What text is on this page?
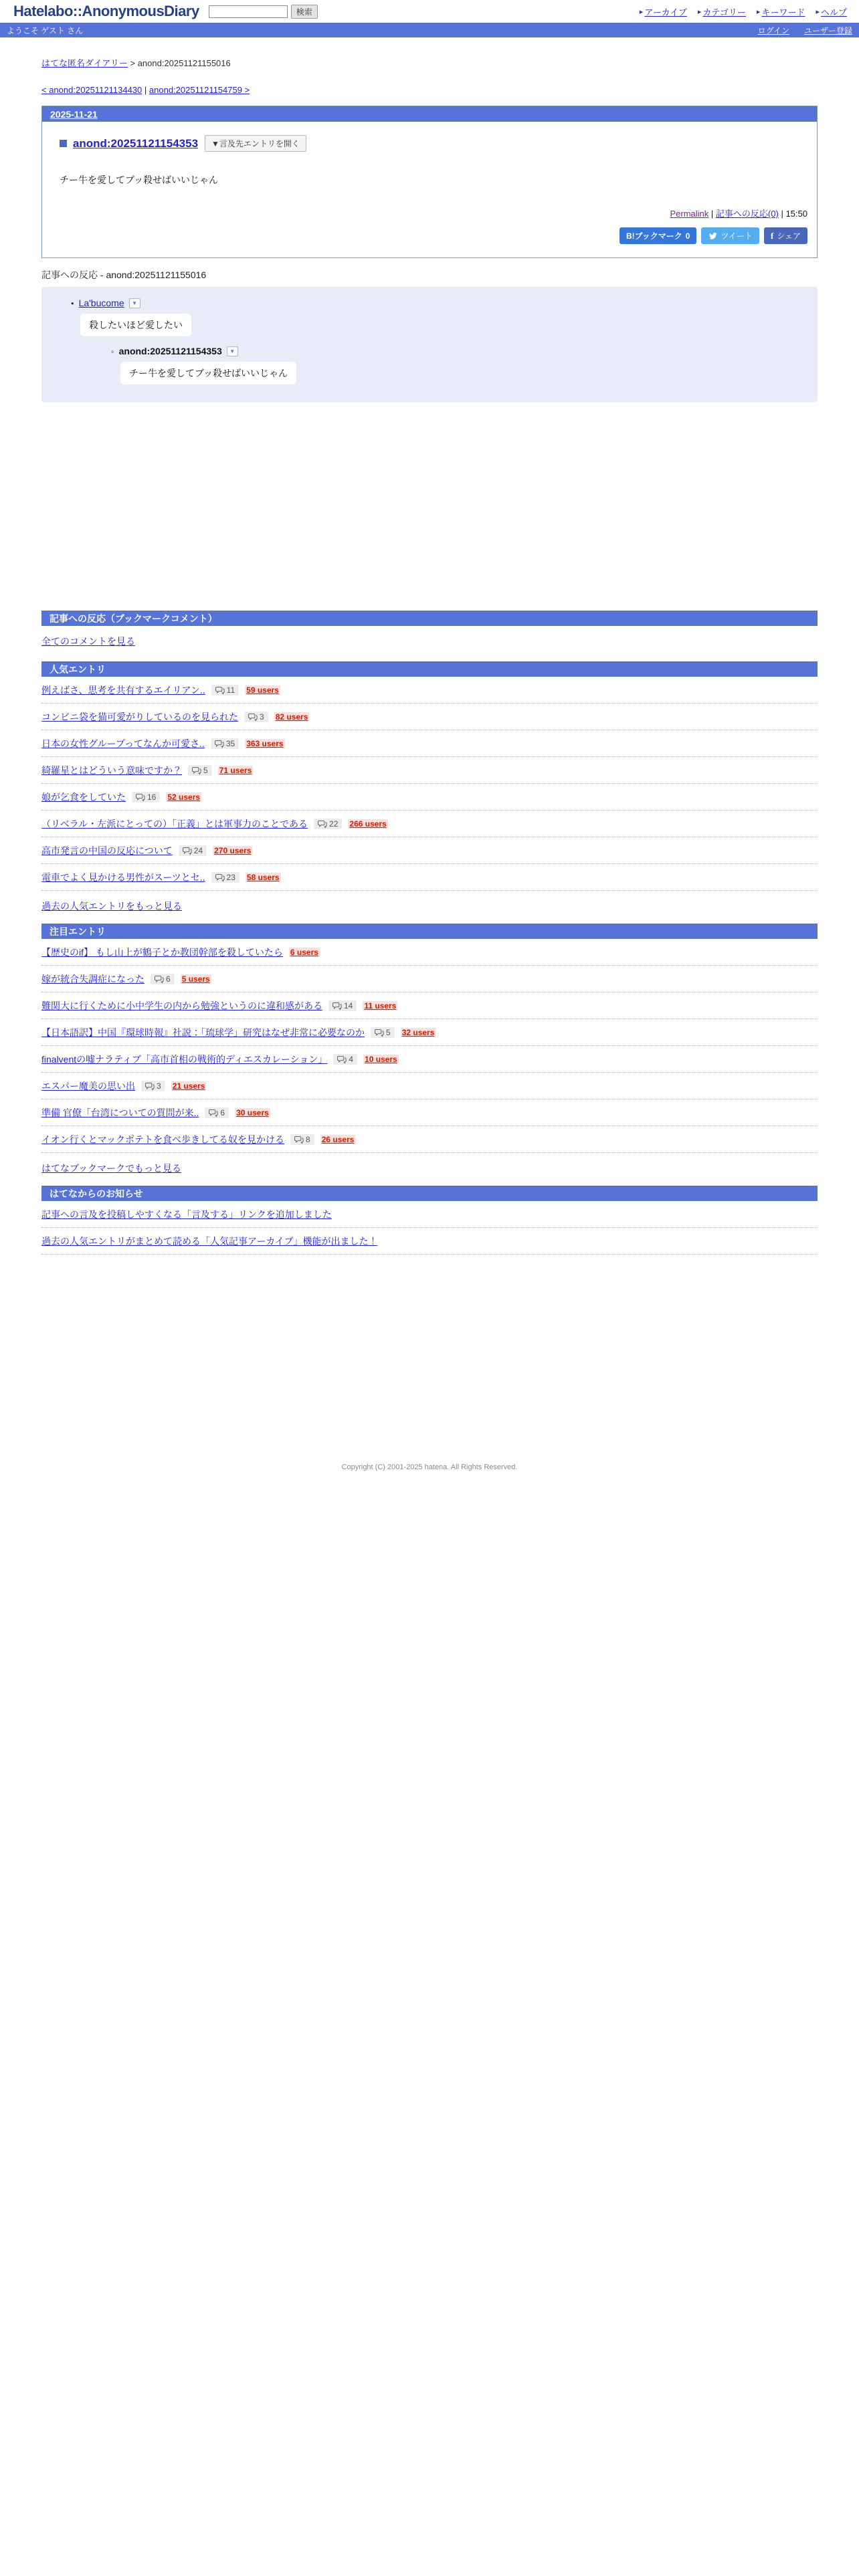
Hatelabo::AnonymousDiary	検索	▸ アーカイブ ▸ カテゴリー ▸ キーワード ▸ ヘルプ
ようこそ ゲスト さん	ログイン ユーザー登録
はてな匿名ダイアリー > anond:20251121155016
< anond:20251121134430 | anond:20251121154759 >
2025-11-21
anond:20251121154353	▼言及先エントリを開く

チー牛を愛してブッ殺せばいいじゃん

Permalink | 記事への反応(0) | 15:50
B!ブックマーク 0	ツイート f シェア
記事への反応 - anond:20251121155016
• La'bucome	▼
殺したいほど愛したい
◦ anond:20251121154353	▼
チー牛を愛してブッ殺せばいいじゃん
記事への反応（ブックマークコメント）
全てのコメントを見る
人気エントリ
例えばさ、思考を共有するエイリアン..	11 59 users
コンビニ袋を猫可愛がりしているのを見られた	3 82 users
日本の女性グループってなんか可愛さ..	35 363 users
綺羅星とはどういう意味ですか？	5 71 users
娘が乞食をしていた	16 52 users
（リベラル・左派にとっての）「正義」とは軍事力のことである	22 266 users
高市発言の中国の反応について	24 270 users
電車でよく見かける男性がスーツとセ..	23 58 users
過去の人気エントリをもっと見る
注目エントリ
【歴史のif】 もし山上が鶴子とか教団幹部を殺していたら 6 users
嫁が統合失調症になった	6 5 users
難関大に行くために小中学生の内から勉強というのに違和感がある	14 11 users
【日本語訳】中国『環球時報』社説：「琉球学」研究はなぜ非常に必要なのか	5 32 users
finalventの嘘ナラティブ「高市首相の戦術的ディエスカレーション」	4 10 users
エスパー魔美の思い出	3 21 users
準備 官僚「台湾についての質問が来..	6 30 users
イオン行くとマックポテトを食べ歩きしてる奴を見かける	8 26 users
はてなブックマークでもっと見る
はてなからのお知らせ
記事への言及を投稿しやすくなる「言及する」リンクを追加しました
過去の人気エントリがまとめて読める「人気記事アーカイブ」機能が出ました！
Copyright (C) 2001-2025 hatena. All Rights Reserved.
